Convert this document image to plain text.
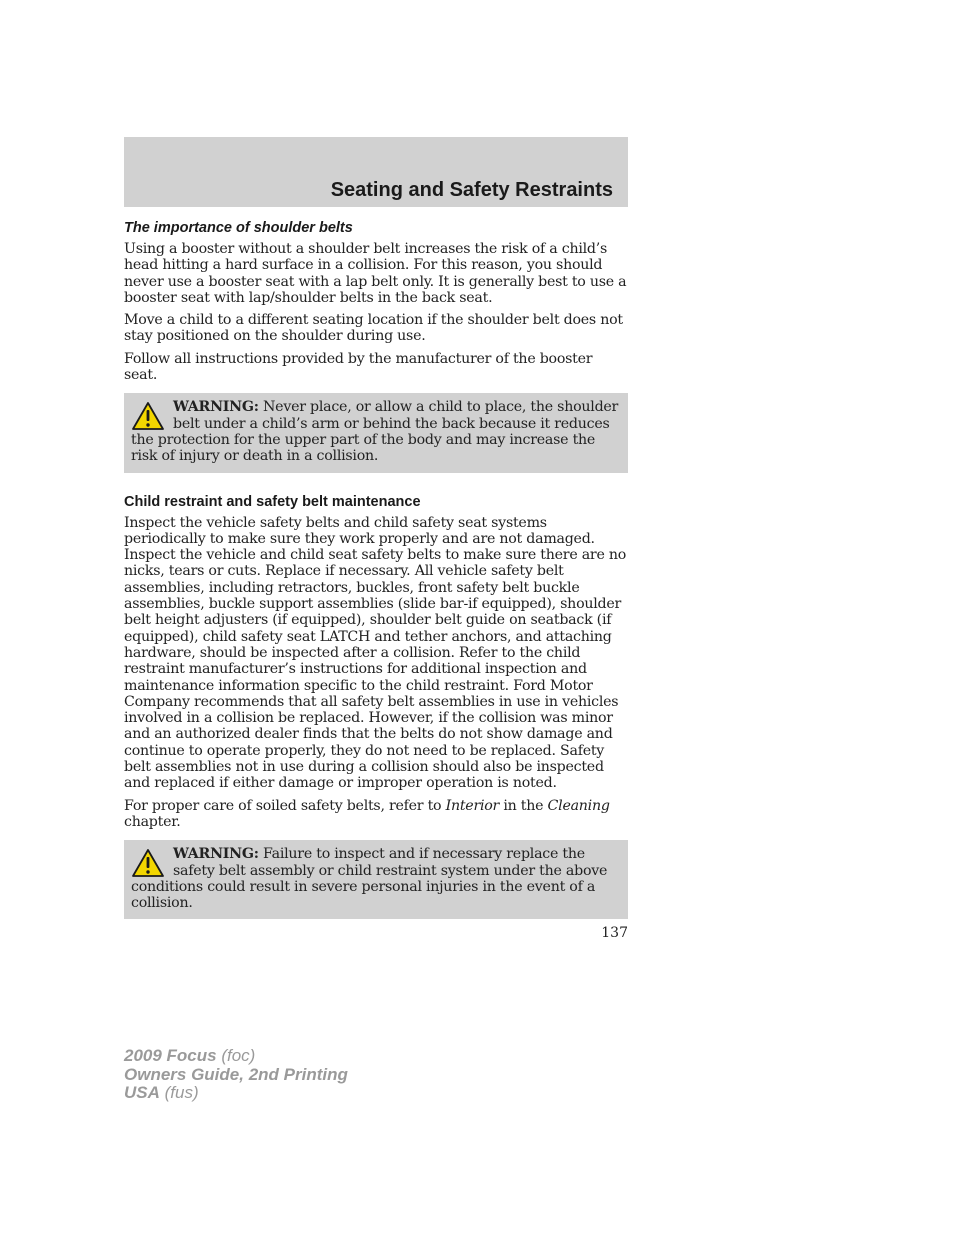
Seating and Safety Restraints
The importance of shoulder belts

Using a booster without a shoulder belt increases the risk of a child’s head hitting a hard surface in a collision. For this reason, you should never use a booster seat with a lap belt only. It is generally best to use a booster seat with lap/shoulder belts in the back seat.

Move a child to a different seating location if the shoulder belt does not stay positioned on the shoulder during use.

Follow all instructions provided by the manufacturer of the booster seat.

WARNING: Never place, or allow a child to place, the shoulder belt under a child’s arm or behind the back because it reduces the protection for the upper part of the body and may increase the risk of injury or death in a collision.
Child restraint and safety belt maintenance

Inspect the vehicle safety belts and child safety seat systems periodically to make sure they work properly and are not damaged. Inspect the vehicle and child seat safety belts to make sure there are no nicks, tears or cuts. Replace if necessary. All vehicle safety belt assemblies, including retractors, buckles, front safety belt buckle assemblies, buckle support assemblies (slide bar-if equipped), shoulder belt height adjusters (if equipped), shoulder belt guide on seatback (if equipped), child safety seat LATCH and tether anchors, and attaching hardware, should be inspected after a collision. Refer to the child restraint manufacturer’s instructions for additional inspection and maintenance information specific to the child restraint. Ford Motor Company recommends that all safety belt assemblies in use in vehicles involved in a collision be replaced. However, if the collision was minor and an authorized dealer finds that the belts do not show damage and continue to operate properly, they do not need to be replaced. Safety belt assemblies not in use during a collision should also be inspected and replaced if either damage or improper operation is noted.

For proper care of soiled safety belts, refer to Interior in the Cleaning chapter.

WARNING: Failure to inspect and if necessary replace the safety belt assembly or child restraint system under the above conditions could result in severe personal injuries in the event of a collision.
137
2009 Focus (foc)
Owners Guide, 2nd Printing
USA (fus)
